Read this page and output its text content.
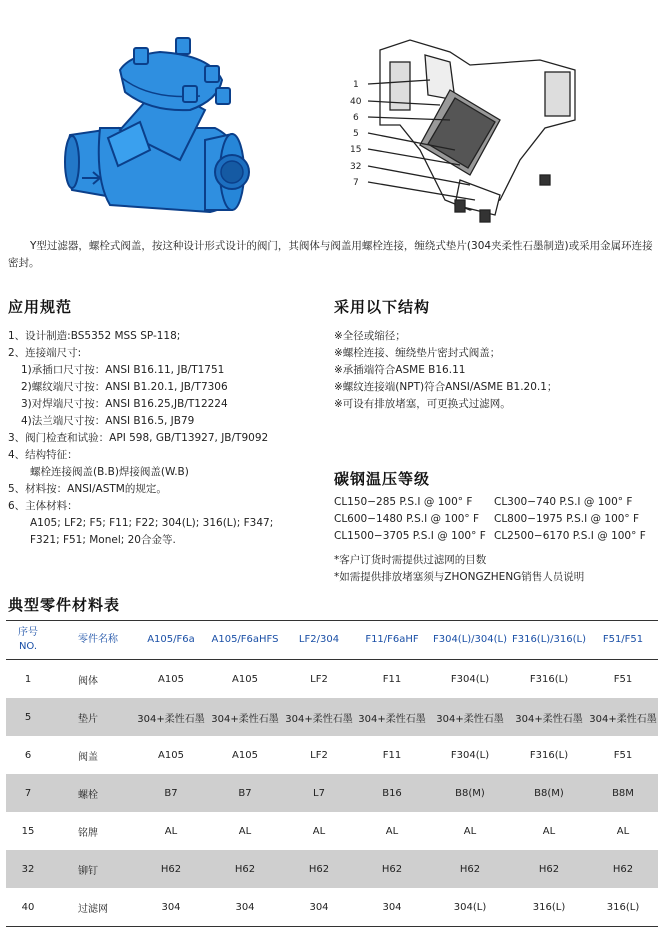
1
40
6
5
15
32
7
Y型过滤器，螺栓式阀盖，按这种设计形式设计的阀门，其阀体与阀盖用螺栓连接，缠绕式垫片(304夹柔性石墨制造)或采用金属环连接密封。
应用规范
1、设计制造:BS5352 MSS SP-118;
2、连接端尺寸:
1)承插口尺寸按：ANSI B16.11, JB/T1751
2)螺纹端尺寸按：ANSI B1.20.1, JB/T7306
3)对焊端尺寸按：ANSI B16.25,JB/T12224
4)法兰端尺寸按：ANSI B16.5, JB79
3、阀门检查和试验：API 598, GB/T13927, JB/T9092
4、结构特征：
螺栓连接阀盖(B.B)焊接阀盖(W.B)
5、材料按：ANSI/ASTM的规定。
6、主体材料：
A105; LF2; F5; F11; F22; 304(L); 316(L); F347;
F321; F51; Monel; 20合金等.
采用以下结构
※全径或缩径；
※螺栓连接、缠绕垫片密封式阀盖；
※承插端符合ASME B16.11
※螺纹连接端(NPT)符合ANSI/ASME B1.20.1；
※可设有排放堵塞，可更换式过滤网。
碳钢温压等级
CL150−285 P.S.I @ 100° F	CL300−740 P.S.I @ 100° F
CL600−1480 P.S.I @ 100° F	CL800−1975 P.S.I @ 100° F
CL1500−3705 P.S.I @ 100° F CL2500−6170 P.S.I @ 100° F
*客户订货时需提供过滤网的目数
*如需提供排放堵塞须与ZHONGZHENG销售人员说明
典型零件材料表
序号
NO.	零件名称	A105/F6a	A105/F6aHFS	LF2/304	F11/F6aHF	F304(L)/304(L)	F316(L)/316(L)	F51/F51
1	阀体	A105	A105	LF2	F11	F304(L)	F316(L)	F51
5	垫片	304+柔性石墨	304+柔性石墨	304+柔性石墨	304+柔性石墨	304+柔性石墨	304+柔性石墨	304+柔性石墨
6	阀盖	A105	A105	LF2	F11	F304(L)	F316(L)	F51
7	螺栓	B7	B7	L7	B16	B8(M)	B8(M)	B8M
15	铭牌	AL	AL	AL	AL	AL	AL	AL
32	铆钉	H62	H62	H62	H62	H62	H62	H62
40	过滤网	304	304	304	304	304(L)	316(L)	316(L)
